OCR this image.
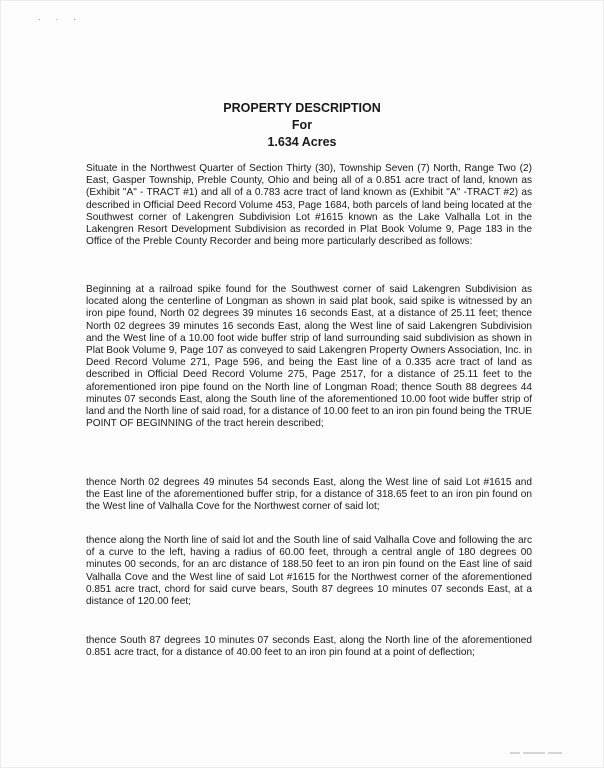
· · ·
PROPERTY DESCRIPTION
For
1.634 Acres
Situate in the Northwest Quarter of Section Thirty (30), Township Seven (7) North, Range Two (2) East, Gasper Township, Preble County, Ohio and being all of a 0.851 acre tract of land, known as (Exhibit "A" - TRACT #1) and all of a 0.783 acre tract of land known as (Exhibit "A" -TRACT #2) as described in Official Deed Record Volume 453, Page 1684, both parcels of land being located at the Southwest corner of Lakengren Subdivision Lot #1615 known as the Lake Valhalla Lot in the Lakengren Resort Development Subdivision as recorded in Plat Book Volume 9, Page 183 in the Office of the Preble County Recorder and being more particularly described as follows:
Beginning at a railroad spike found for the Southwest corner of said Lakengren Subdivision as located along the centerline of Longman as shown in said plat book, said spike is witnessed by an iron pipe found, North 02 degrees 39 minutes 16 seconds East, at a distance of 25.11 feet; thence North 02 degrees 39 minutes 16 seconds East, along the West line of said Lakengren Subdivision and the West line of a 10.00 foot wide buffer strip of land surrounding said subdivision as shown in Plat Book Volume 9, Page 107 as conveyed to said Lakengren Property Owners Association, Inc. in Deed Record Volume 271, Page 596, and being the East line of a 0.335 acre tract of land as described in Official Deed Record Volume 275, Page 2517, for a distance of 25.11 feet to the aforementioned iron pipe found on the North line of Longman Road; thence South 88 degrees 44 minutes 07 seconds East, along the South line of the aforementioned 10.00 foot wide buffer strip of land and the North line of said road, for a distance of 10.00 feet to an iron pin found being the TRUE POINT OF BEGINNING of the tract herein described;
thence North 02 degrees 49 minutes 54 seconds East, along the West line of said Lot #1615 and the East line of the aforementioned buffer strip, for a distance of 318.65 feet to an iron pin found on the West line of Valhalla Cove for the Northwest corner of said lot;
thence along the North line of said lot and the South line of said Valhalla Cove and following the arc of a curve to the left, having a radius of 60.00 feet, through a central angle of 180 degrees 00 minutes 00 seconds, for an arc distance of 188.50 feet to an iron pin found on the East line of said Valhalla Cove and the West line of said Lot #1615 for the Northwest corner of the aforementioned 0.851 acre tract, chord for said curve bears, South 87 degrees 10 minutes 07 seconds East, at a distance of 120.00 feet;
thence South 87 degrees 10 minutes 07 seconds East, along the North line of the aforementioned 0.851 acre tract, for a distance of 40.00 feet to an iron pin found at a point of deflection;
